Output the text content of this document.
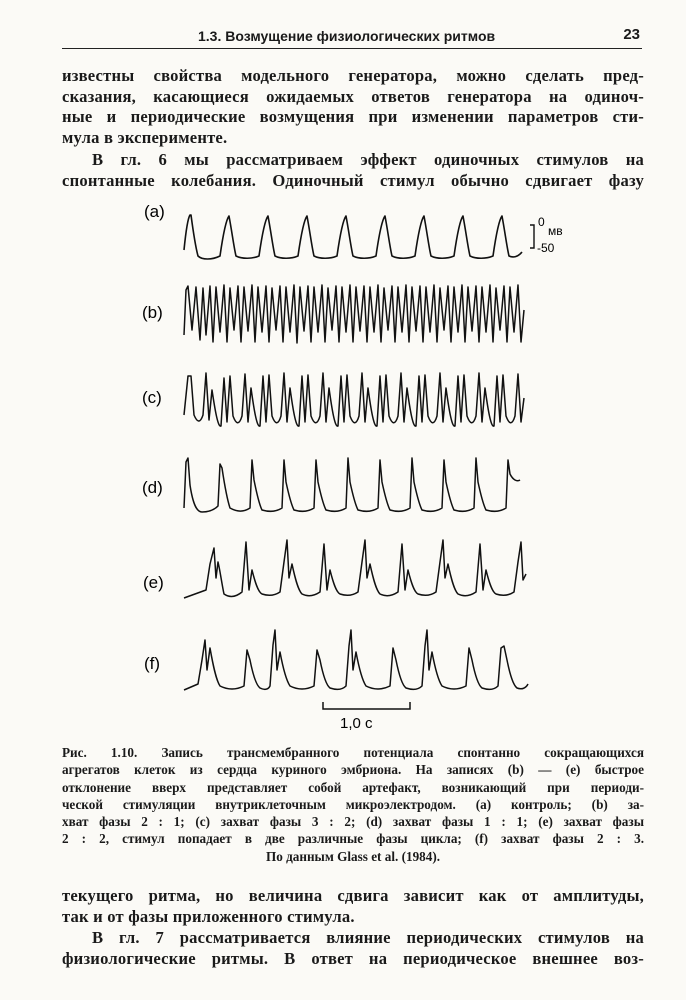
1.3. Возмущение физиологических ритмов	23
известны свойства модельного генератора, можно сделать пред-
сказания, касающиеся ожидаемых ответов генератора на одиноч-
ные и периодические возмущения при изменении параметров сти-
мула в эксперименте.
В гл. 6 мы рассматриваем эффект одиночных стимулов на
спонтанные колебания. Одиночный стимул обычно сдвигает фазу
(a)
(b)
(c)
(d)
(e)
(f)
0
мв
-50
1,0 с
Рис. 1.10. Запись трансмембранного потенциала спонтанно сокращающихся
агрегатов клеток из сердца куриного эмбриона. На записях (b) — (e) быстрое
отклонение вверх представляет собой артефакт, возникающий при периоди-
ческой стимуляции внутриклеточным микроэлектродом. (a) контроль; (b) за-
хват фазы 2 : 1; (c) захват фазы 3 : 2; (d) захват фазы 1 : 1; (e) захват фазы
2 : 2, стимул попадает в две различные фазы цикла; (f) захват фазы 2 : 3.
По данным Glass et al. (1984).
текущего ритма, но величина сдвига зависит как от амплитуды,
так и от фазы приложенного стимула.
В гл. 7 рассматривается влияние периодических стимулов на
физиологические ритмы. В ответ на периодическое внешнее воз-
